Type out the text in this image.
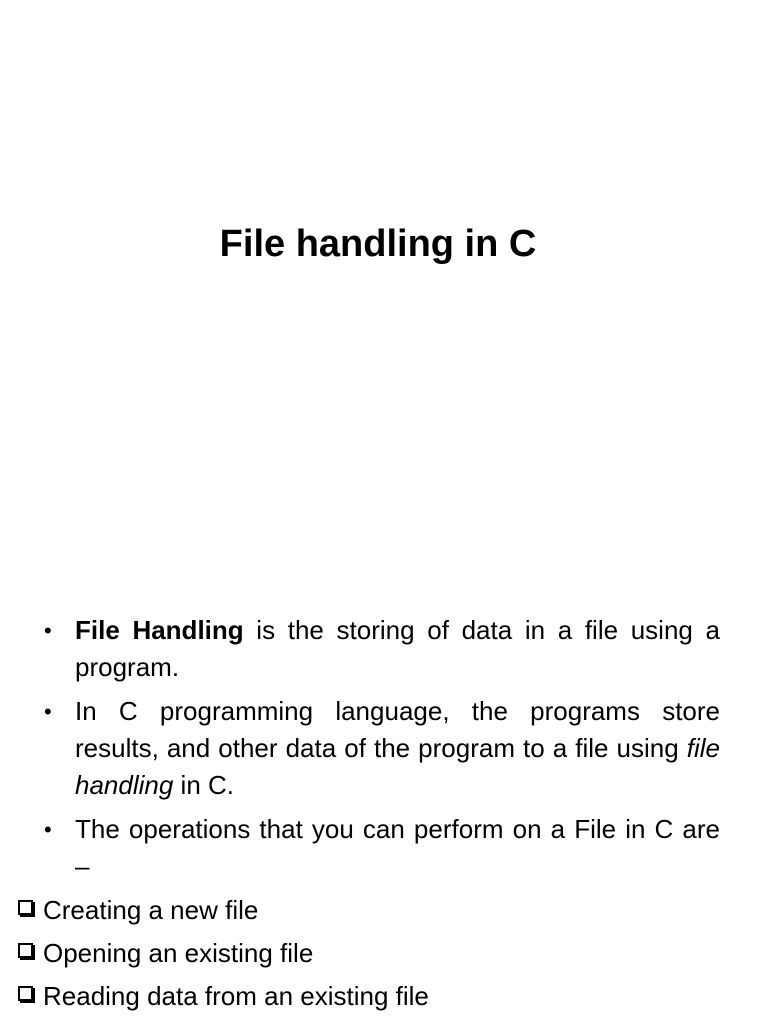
File handling in C
• File Handling is the storing of data in a file using a program.
• In C programming language, the programs store results, and other data of the program to a file using file handling in C.
• The operations that you can perform on a File in C are –
Creating a new file
Opening an existing file
Reading data from an existing file
